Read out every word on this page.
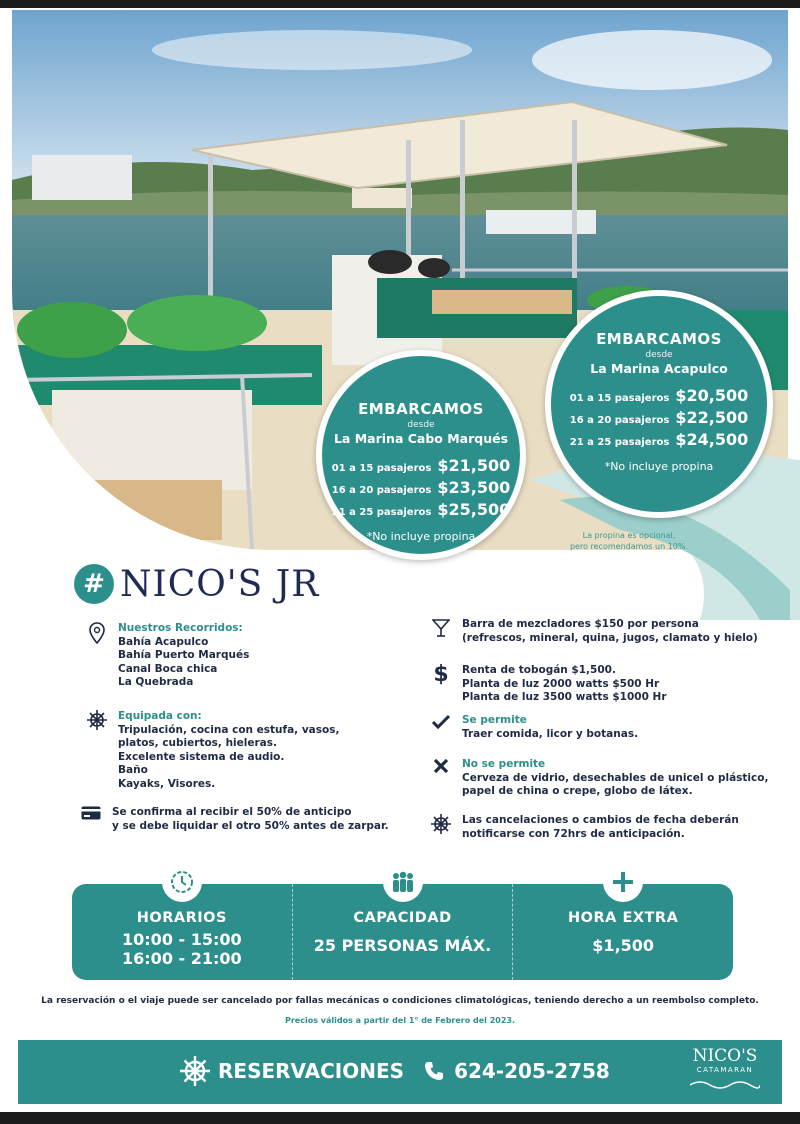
EMBARCAMOS
desde
La Marina Cabo Marqués
01 a 15 pasajeros $21,500
16 a 20 pasajeros $23,500
21 a 25 pasajeros $25,500
*No incluye propina
EMBARCAMOS
desde
La Marina Acapulco
01 a 15 pasajeros $20,500
16 a 20 pasajeros $22,500
21 a 25 pasajeros $24,500
*No incluye propina
La propina es opcional,
pero recomendamos un 10%.
# NICO'S JR
Nuestros Recorridos:
Bahía Acapulco
Bahía Puerto Marqués
Canal Boca chica
La Quebrada
Equipada con:
Tripulación, cocina con estufa, vasos,
platos, cubiertos, hieleras.
Excelente sistema de audio.
Baño
Kayaks, Visores.
Se confirma al recibir el 50% de anticipo
y se debe liquidar el otro 50% antes de zarpar.
Barra de mezcladores $150 por persona
(refrescos, mineral, quina, jugos, clamato y hielo)
$ Renta de tobogán $1,500.
Planta de luz 2000 watts $500 Hr
Planta de luz 3500 watts $1000 Hr
Se permite
Traer comida, licor y botanas.
No se permite
Cerveza de vidrio, desechables de unicel o plástico,
papel de china o crepe, globo de látex.
Las cancelaciones o cambios de fecha deberán
notificarse con 72hrs de anticipación.
HORARIOS
10:00 - 15:00
16:00 - 21:00
CAPACIDAD
25 PERSONAS MÁX.
HORA EXTRA
$1,500
La reservación o el viaje puede ser cancelado por fallas mecánicas o condiciones climatológicas, teniendo derecho a un reembolso completo.
Precios válidos a partir del 1° de Febrero del 2023.
RESERVACIONES	624-205-2758
NICO'S
CATAMARAN
